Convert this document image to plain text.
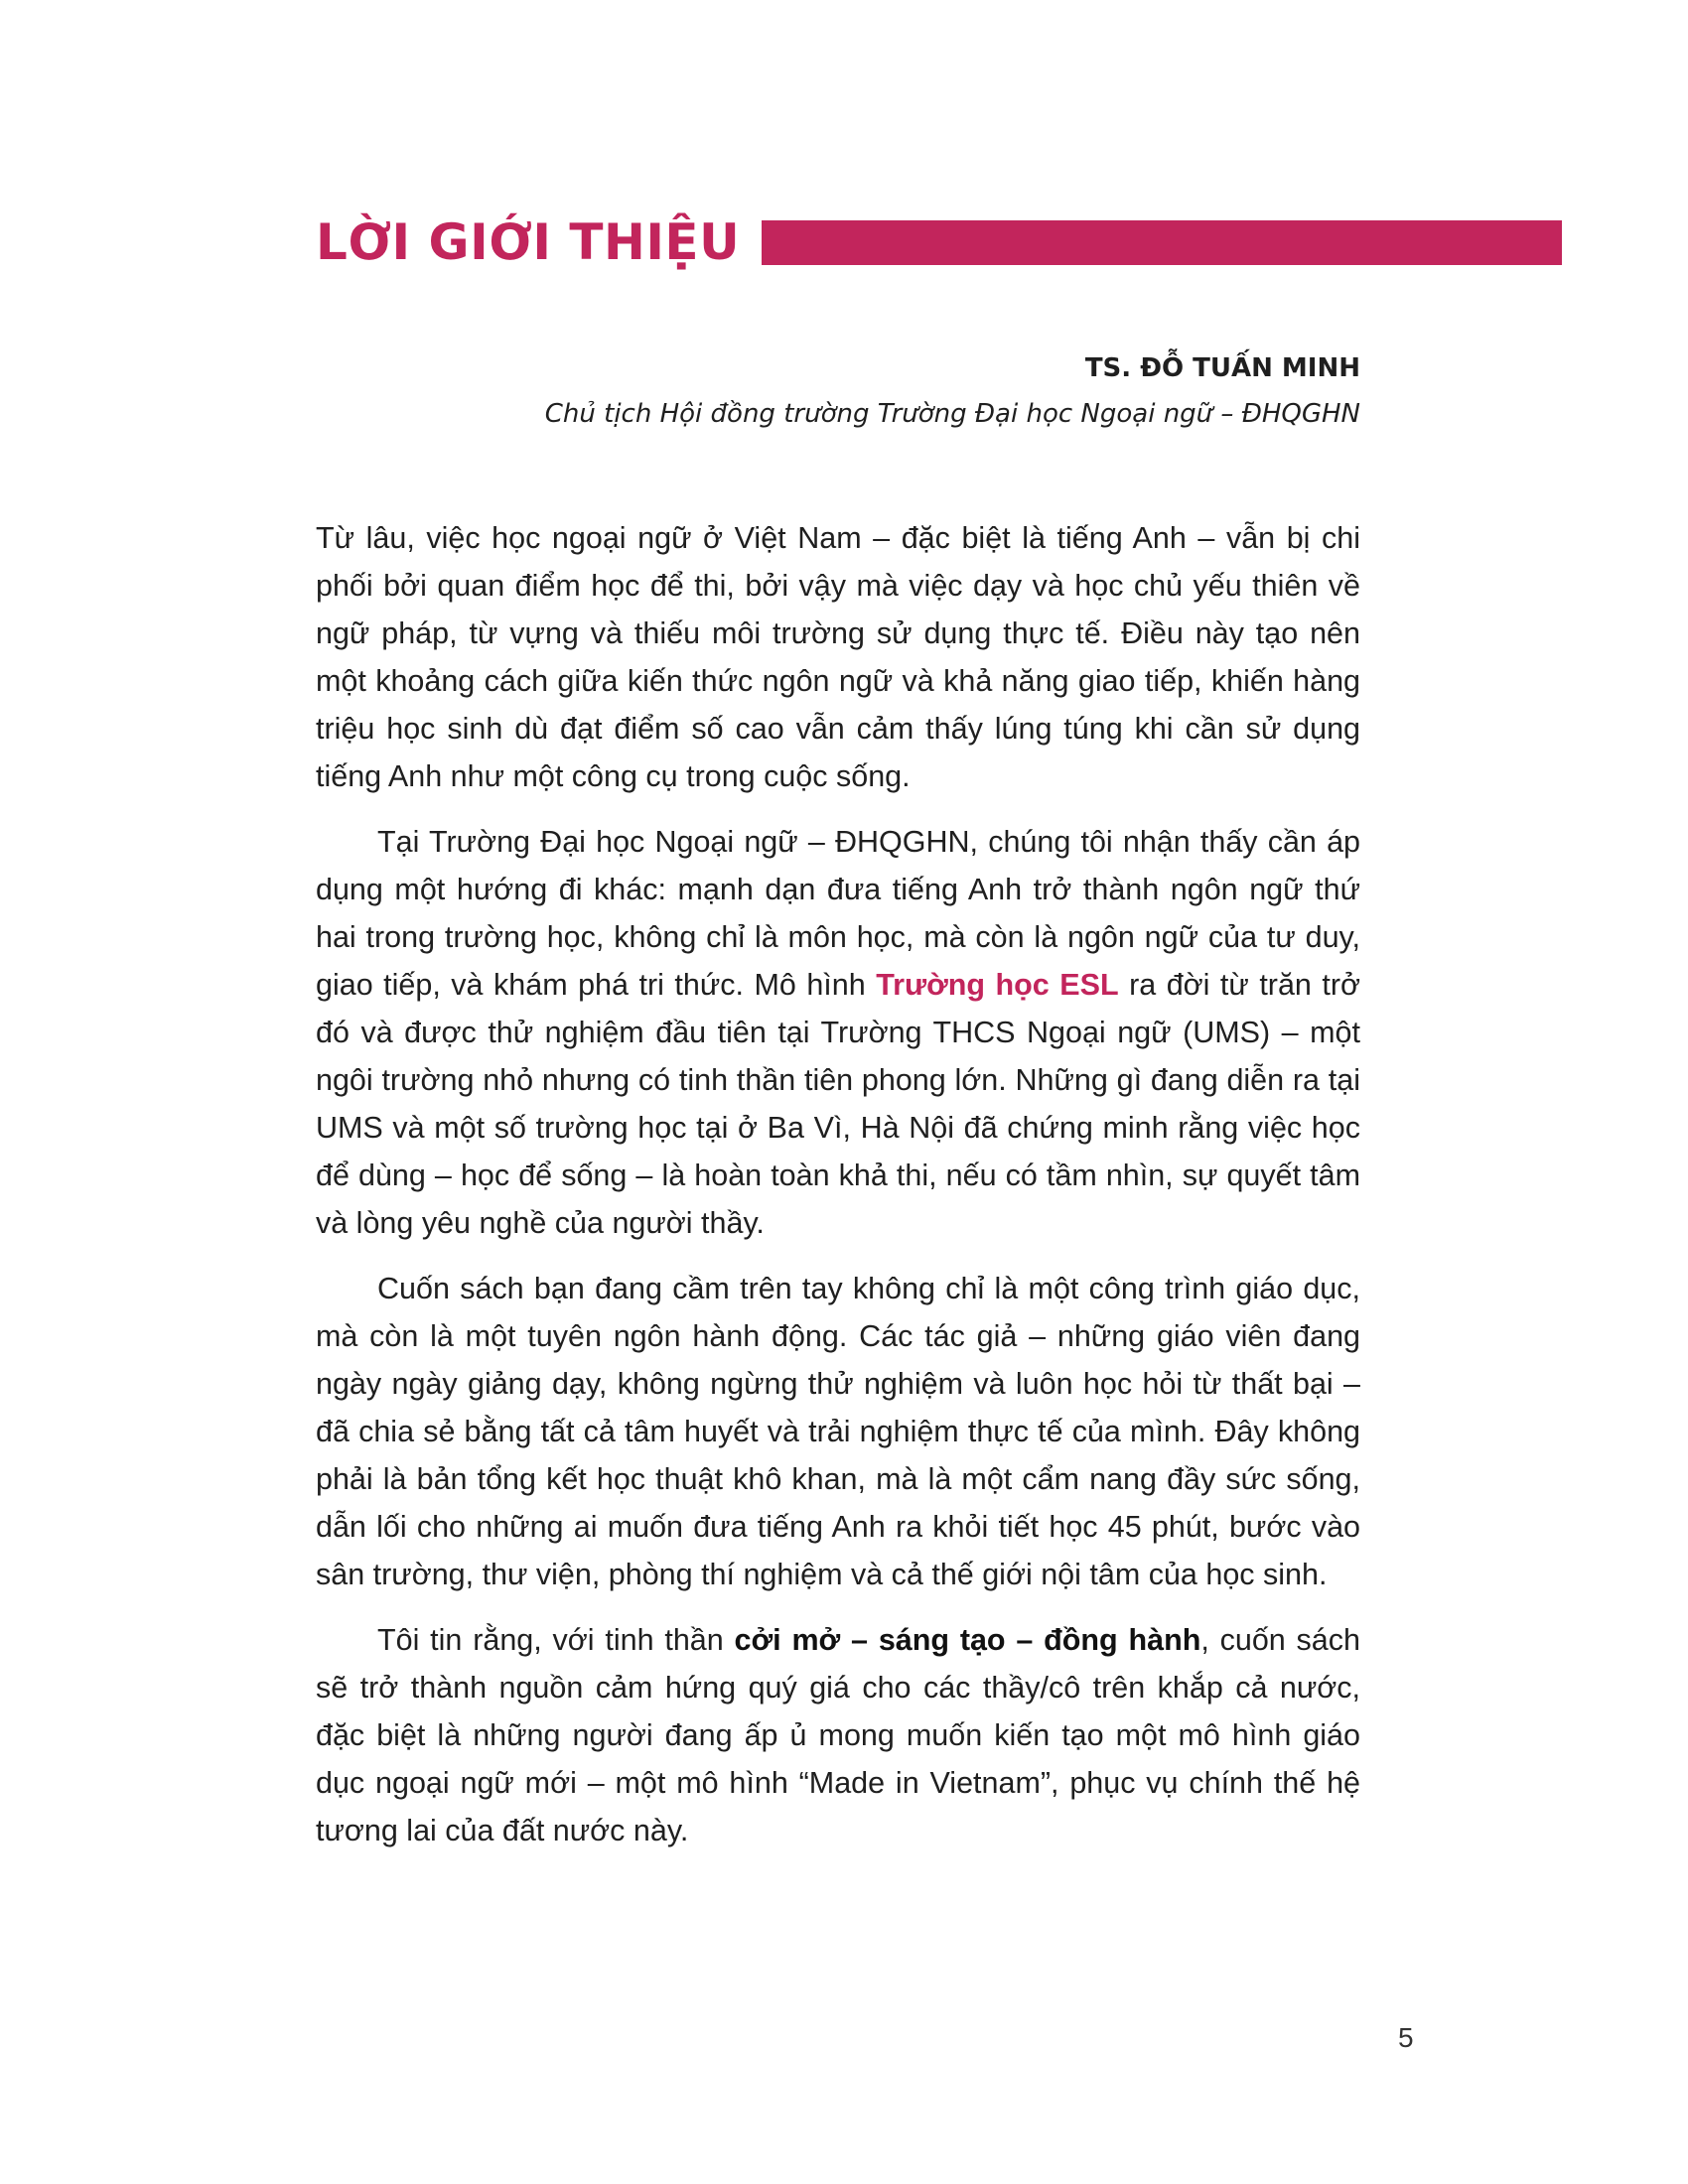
LỜI GIỚI THIỆU
TS. ĐỖ TUẤN MINH
Chủ tịch Hội đồng trường Trường Đại học Ngoại ngữ – ĐHQGHN

Từ lâu, việc học ngoại ngữ ở Việt Nam – đặc biệt là tiếng Anh – vẫn bị chi phối bởi quan điểm học để thi, bởi vậy mà việc dạy và học chủ yếu thiên về ngữ pháp, từ vựng và thiếu môi trường sử dụng thực tế. Điều này tạo nên một khoảng cách giữa kiến thức ngôn ngữ và khả năng giao tiếp, khiến hàng triệu học sinh dù đạt điểm số cao vẫn cảm thấy lúng túng khi cần sử dụng tiếng Anh như một công cụ trong cuộc sống.

Tại Trường Đại học Ngoại ngữ – ĐHQGHN, chúng tôi nhận thấy cần áp dụng một hướng đi khác: mạnh dạn đưa tiếng Anh trở thành ngôn ngữ thứ hai trong trường học, không chỉ là môn học, mà còn là ngôn ngữ của tư duy, giao tiếp, và khám phá tri thức. Mô hình Trường học ESL ra đời từ trăn trở đó và được thử nghiệm đầu tiên tại Trường THCS Ngoại ngữ (UMS) – một ngôi trường nhỏ nhưng có tinh thần tiên phong lớn. Những gì đang diễn ra tại UMS và một số trường học tại ở Ba Vì, Hà Nội đã chứng minh rằng việc học để dùng – học để sống – là hoàn toàn khả thi, nếu có tầm nhìn, sự quyết tâm và lòng yêu nghề của người thầy.

Cuốn sách bạn đang cầm trên tay không chỉ là một công trình giáo dục, mà còn là một tuyên ngôn hành động. Các tác giả – những giáo viên đang ngày ngày giảng dạy, không ngừng thử nghiệm và luôn học hỏi từ thất bại – đã chia sẻ bằng tất cả tâm huyết và trải nghiệm thực tế của mình. Đây không phải là bản tổng kết học thuật khô khan, mà là một cẩm nang đầy sức sống, dẫn lối cho những ai muốn đưa tiếng Anh ra khỏi tiết học 45 phút, bước vào sân trường, thư viện, phòng thí nghiệm và cả thế giới nội tâm của học sinh.

Tôi tin rằng, với tinh thần cởi mở – sáng tạo – đồng hành, cuốn sách sẽ trở thành nguồn cảm hứng quý giá cho các thầy/cô trên khắp cả nước, đặc biệt là những người đang ấp ủ mong muốn kiến tạo một mô hình giáo dục ngoại ngữ mới – một mô hình “Made in Vietnam”, phục vụ chính thế hệ tương lai của đất nước này.

5
